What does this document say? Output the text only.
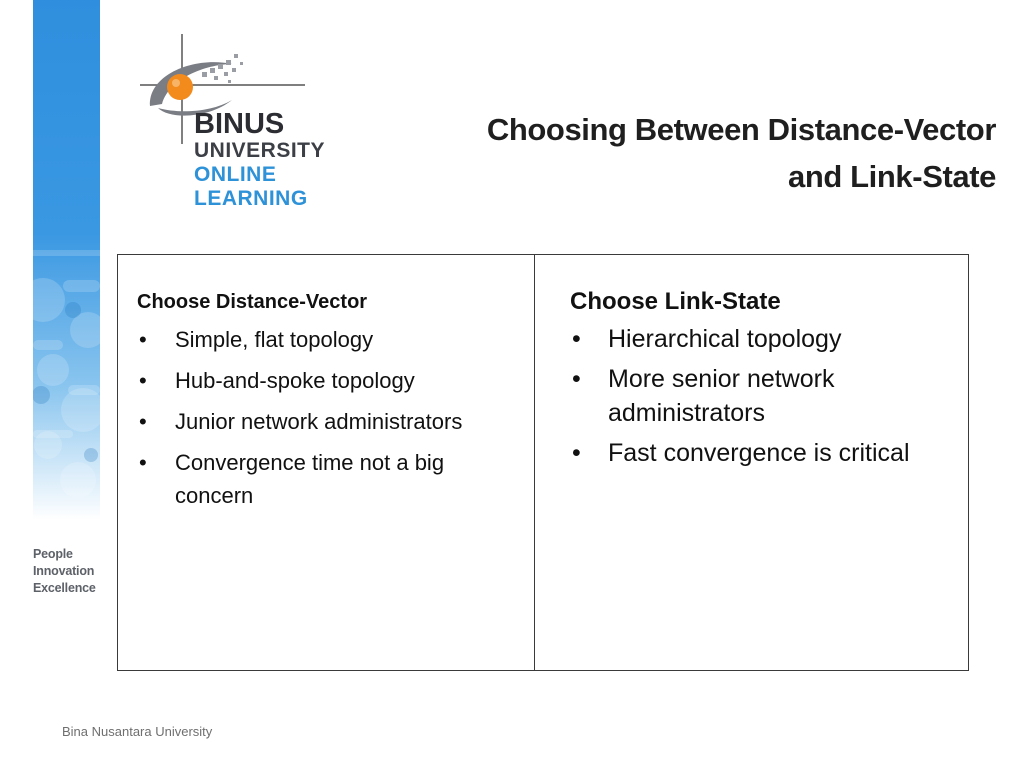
People
Innovation
Excellence
BINUS
UNIVERSITY
ONLINE
LEARNING
Choosing Between Distance-Vector
and Link-State
Choose Distance-Vector
• Simple, flat topology
• Hub-and-spoke topology
• Junior network administrators
• Convergence time not a big concern
Choose Link-State
• Hierarchical topology
• More senior network administrators
• Fast convergence is critical
Bina Nusantara University
